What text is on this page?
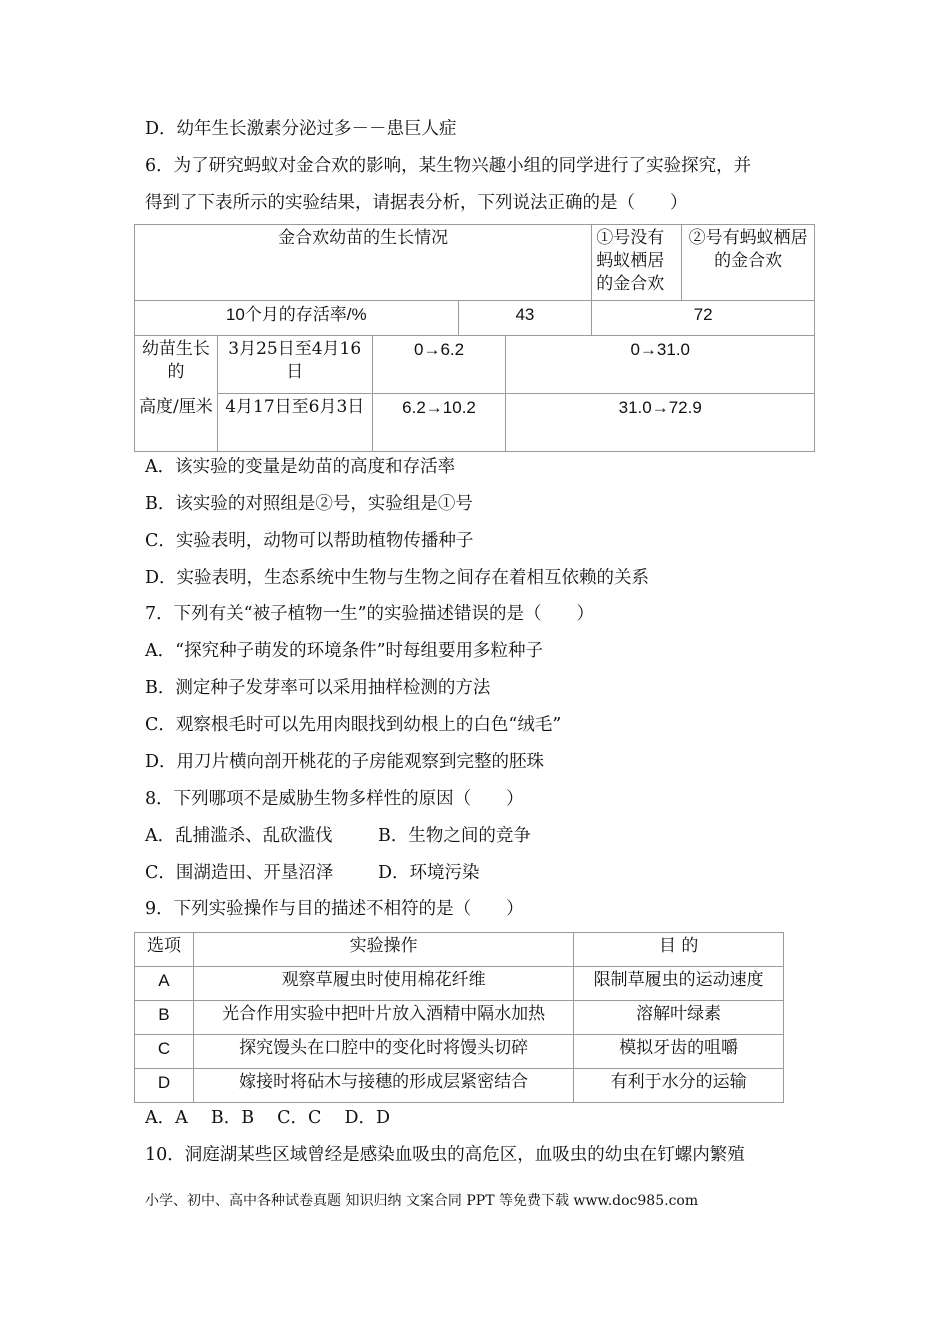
D．幼年生长激素分泌过多－－患巨人症
6．为了研究蚂蚁对金合欢的影响，某生物兴趣小组的同学进行了实验探究，并
得到了下表所示的实验结果，请据表分析，下列说法正确的是（　　）
金合欢幼苗的生长情况					①号没有蚂蚁栖居的金合欢	②号有蚂蚁栖居的金合欢
10个月的存活率/%			43		72	
幼苗生长的	3月25日至4月16日	0→6.2		0→31.0		
高度/厘米	4月17日至6月3日	6.2→10.2		31.0→72.9		
A．该实验的变量是幼苗的高度和存活率
B．该实验的对照组是②号，实验组是①号
C．实验表明，动物可以帮助植物传播种子
D．实验表明，生态系统中生物与生物之间存在着相互依赖的关系
7．下列有关“被子植物一生”的实验描述错误的是（　　）
A．“探究种子萌发的环境条件”时每组要用多粒种子
B．测定种子发芽率可以采用抽样检测的方法
C．观察根毛时可以先用肉眼找到幼根上的白色“绒毛”
D．用刀片横向剖开桃花的子房能观察到完整的胚珠
8．下列哪项不是威胁生物多样性的原因（　　）
A．乱捕滥杀、乱砍滥伐	B．生物之间的竞争
C．围湖造田、开垦沼泽	D．环境污染
9．下列实验操作与目的描述不相符的是（　　）
选项	实验操作	目 的
A	观察草履虫时使用棉花纤维	限制草履虫的运动速度
B	光合作用实验中把叶片放入酒精中隔水加热	溶解叶绿素
C	探究馒头在口腔中的变化时将馒头切碎	模拟牙齿的咀嚼
D	嫁接时将砧木与接穗的形成层紧密结合	有利于水分的运输
A．A　 B．B　 C．C　 D．D
10．洞庭湖某些区域曾经是感染血吸虫的高危区，血吸虫的幼虫在钉螺内繁殖
小学、初中、高中各种试卷真题 知识归纳 文案合同 PPT 等免费下载 www.doc985.com
